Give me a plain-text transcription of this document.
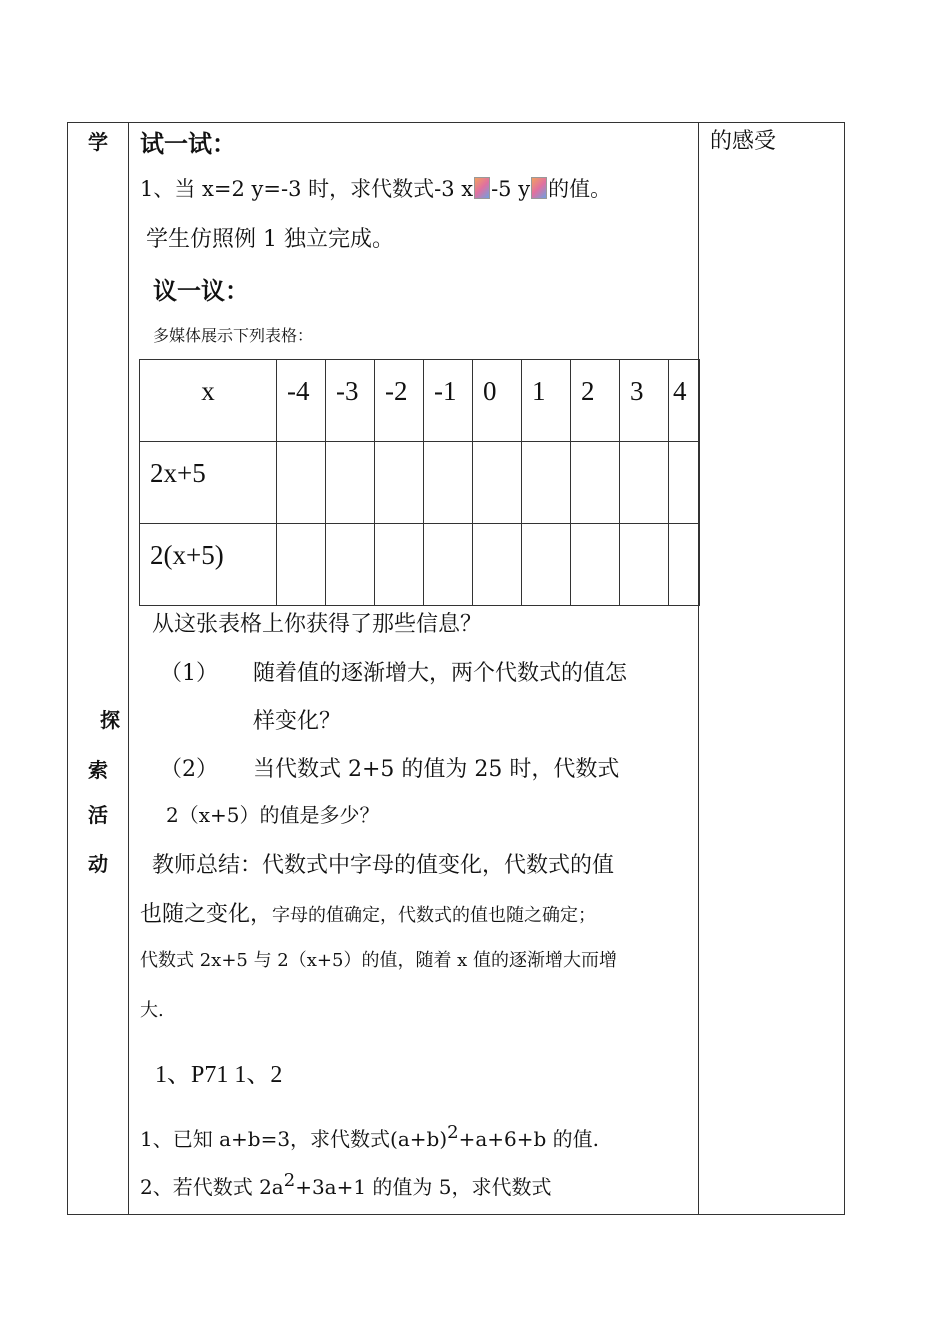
学
探
索
活
动
的感受
试一试：
1、当 x=2 y=-3 时，求代数式-3 x -5 y 的值。
学生仿照例 1 独立完成。
议一议：
多媒体展示下列表格：
x	-4	-3	-2	-1	0	1	2	3	4
2x+5									
2(x+5)									
从这张表格上你获得了那些信息？
（1） 随着值的逐渐增大，两个代数式的值怎
样变化？
（2） 当代数式 2+5 的值为 25 时，代数式
2（x+5）的值是多少？
教师总结：代数式中字母的值变化，代数式的值
也随之变化，字母的值确定，代数式的值也随之确定；
代数式 2x+5 与 2（x+5）的值，随着 x 值的逐渐增大而增
大.
1、P71 1、2
1、已知 a+b=3，求代数式$(a+b)^2+a+6+b$ 的值.
2、若代数式 $2a^2+3a+1$ 的值为 5，求代数式
